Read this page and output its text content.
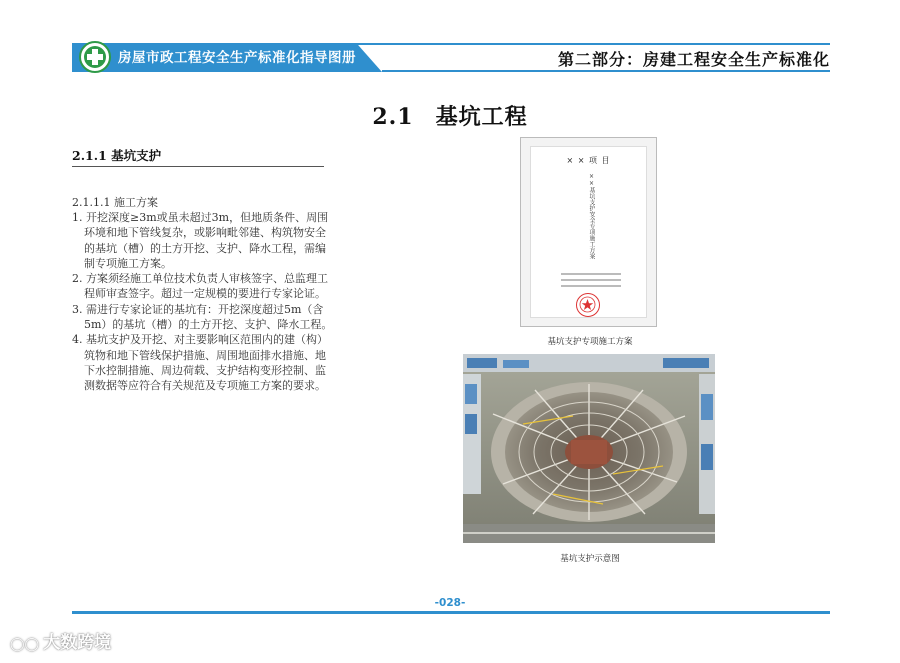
房屋市政工程安全生产标准化指导图册	第二部分：房建工程安全生产标准化
2.1 基坑工程
2.1.1 基坑支护
2.1.1.1 施工方案
1. 开挖深度≥3m或虽未超过3m，但地质条件、周围环境和地下管线复杂，或影响毗邻建、构筑物安全的基坑（槽）的土方开挖、支护、降水工程，需编制专项施工方案。
2. 方案须经施工单位技术负责人审核签字、总监理工程师审查签字。超过一定规模的要进行专家论证。
3. 需进行专家论证的基坑有：开挖深度超过5m（含5m）的基坑（槽）的土方开挖、支护、降水工程。
4. 基坑支护及开挖、对主要影响区范围内的建（构）筑物和地下管线保护措施、周围地面排水措施、地下水控制措施、周边荷载、支护结构变形控制、监测数据等应符合有关规范及专项施工方案的要求。
× × 项 目
××基坑支护安全专项施工方案
基坑支护专项施工方案
基坑支护示意图
-028-
◯◯ 大数跨境
